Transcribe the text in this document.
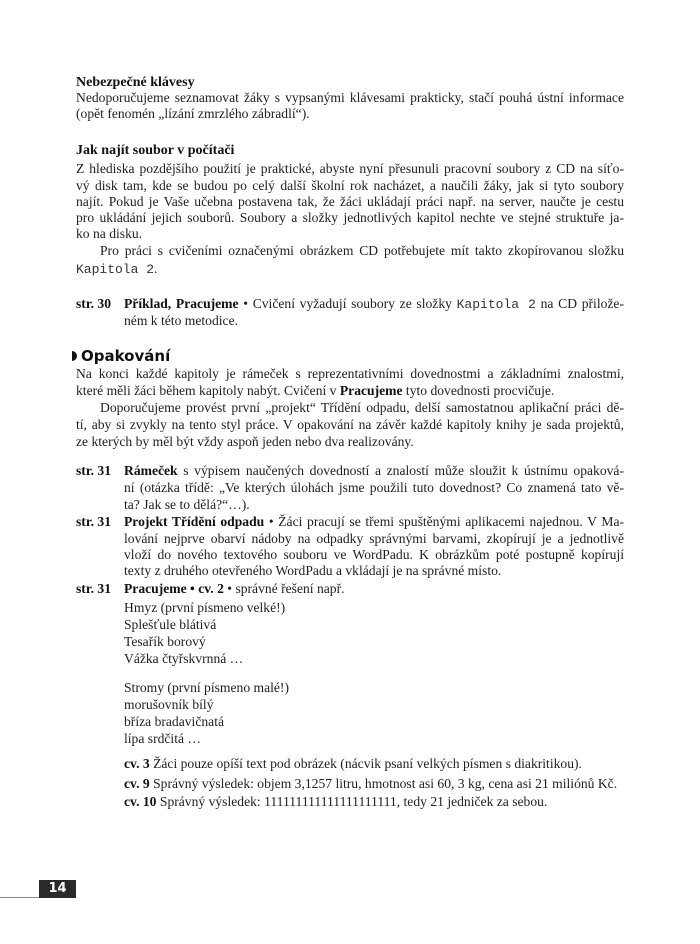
Opakování
14
Nebezpečné klávesy
Nedoporučujeme seznamovat žáky s vypsanými klávesami prakticky, stačí pouhá ústní informace
(opět fenomén „lízání zmrzlého zábradlí“).
Jak najít soubor v počítači
Z hlediska pozdějšího použití je praktické, abyste nyní přesunuli pracovní soubory z CD na síťo-
vý disk tam, kde se budou po celý další školní rok nacházet, a naučili žáky, jak si tyto soubory
najít. Pokud je Vaše učebna postavena tak, že žáci ukládají práci např. na server, naučte je cestu
pro ukládání jejich souborů. Soubory a složky jednotlivých kapitol nechte ve stejné struktuře ja-
ko na disku.
Pro práci s cvičeními označenými obrázkem CD potřebujete mít takto zkopírovanou složku
Kapitola 2.
str. 30 Příklad, Pracujeme • Cvičení vyžadují soubory ze složky Kapitola 2 na CD přilože-
ném k této metodice.
Na konci každé kapitoly je rámeček s reprezentativními dovednostmi a základními znalostmi,
které měli žáci během kapitoly nabýt. Cvičení v Pracujeme tyto dovednosti procvičuje.
Doporučujeme provést první „projekt“ Třídění odpadu, delší samostatnou aplikační práci dě-
tí, aby si zvykly na tento styl práce. V opakování na závěr každé kapitoly knihy je sada projektů,
ze kterých by měl být vždy aspoň jeden nebo dva realizovány.
str. 31 Rámeček s výpisem naučených dovedností a znalostí může sloužit k ústnímu opaková-
ní (otázka třídě: „Ve kterých úlohách jsme použili tuto dovednost? Co znamená tato vě-
ta? Jak se to dělá?“…).
str. 31 Projekt Třídění odpadu • Žáci pracují se třemi spuštěnými aplikacemi najednou. V Ma-
lování nejprve obarví nádoby na odpadky správnými barvami, zkopírují je a jednotlivě
vloží do nového textového souboru ve WordPadu. K obrázkům poté postupně kopírují
texty z druhého otevřeného WordPadu a vkládají je na správné místo.
str. 31 Pracujeme • cv. 2 • správné řešení např.
Hmyz (první písmeno velké!)
Splešťule blátivá
Tesařík borový
Vážka čtyřskvrnná …
Stromy (první písmeno malé!)
morušovník bílý
bříza bradavičnatá
lípa srdčitá …
cv. 3 Žáci pouze opíší text pod obrázek (nácvik psaní velkých písmen s diakritikou).
cv. 9 Správný výsledek: objem 3,1257 litru, hmotnost asi 60, 3 kg, cena asi 21 miliónů Kč.
cv. 10 Správný výsledek: 111111111111111111111, tedy 21 jedniček za sebou.
